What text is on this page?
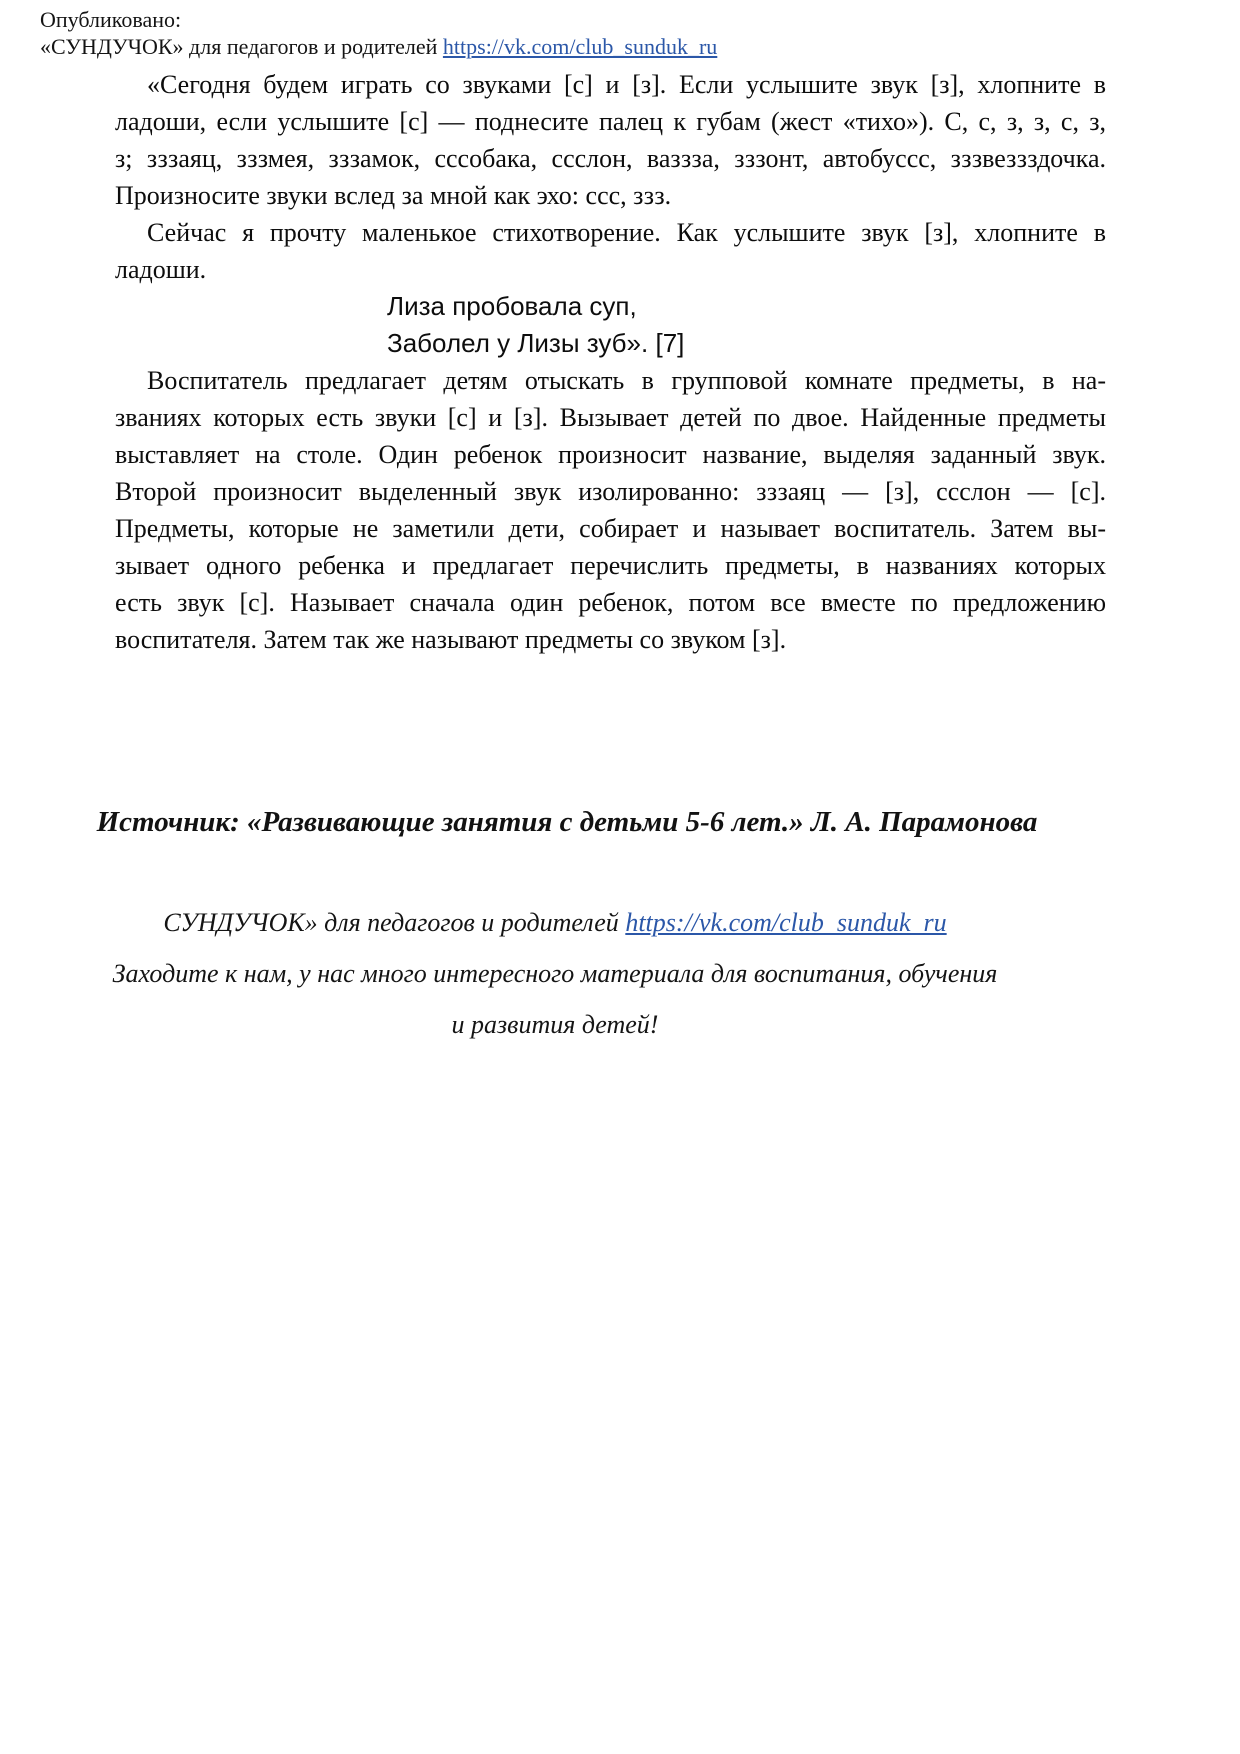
Опубликовано:
«СУНДУЧОК» для педагогов и родителей https://vk.com/club_sunduk_ru
«Сегодня будем играть со звуками [с] и [з]. Если услышите звук [з], хлопните в
ладоши, если услышите [с] — поднесите палец к губам (жест «тихо»). С, с, з, з, с, з,
з; зззаяц, зззмея, зззамок, сссобака, ссслон, ваззза, зззонт, автобуссс, зззвеззздочка.
Произносите звуки вслед за мной как эхо: ссс, ззз.
Сейчас я прочту маленькое стихотворение. Как услышите звук [з], хлопните в
ладоши.
Лиза пробовала суп,
Заболел у Лизы зуб». [7]
Воспитатель предлагает детям отыскать в групповой комнате предметы, в на-
званиях которых есть звуки [с] и [з]. Вызывает детей по двое. Найденные предметы
выставляет на столе. Один ребенок произносит название, выделяя заданный звук.
Второй произносит выделенный звук изолированно: зззаяц — [з], ссслон — [с].
Предметы, которые не заметили дети, собирает и называет воспитатель. Затем вы-
зывает одного ребенка и предлагает перечислить предметы, в названиях которых
есть звук [с]. Называет сначала один ребенок, потом все вместе по предложению
воспитателя. Затем так же называют предметы со звуком [з].
Источник: «Развивающие занятия с детьми 5-6 лет.» Л. А. Парамонова
СУНДУЧОК» для педагогов и родителей https://vk.com/club_sunduk_ru
Заходите к нам, у нас много интересного материала для воспитания, обучения
и развития детей!
